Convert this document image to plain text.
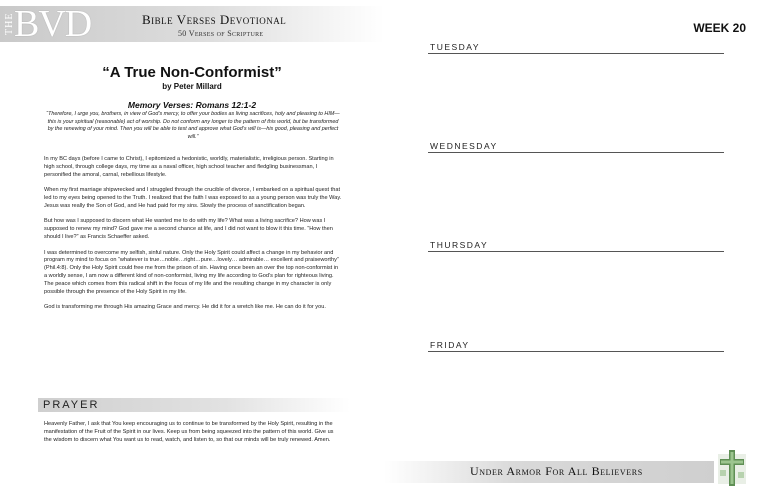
THE BVD	Bible Verses Devotional
50 Verses of Scripture
“A True Non-Conformist”
by Peter Millard
Memory Verses: Romans 12:1-2
“Therefore, I urge you, brothers, in view of God’s mercy, to offer your bodies as living sacrifices, holy and pleasing to HIM—this is your spiritual (reasonable) act of worship. Do not conform any longer to the pattern of this world, but be transformed by the renewing of your mind. Then you will be able to test and approve what God’s will is—his good, pleasing and perfect will.”

In my BC days (before I came to Christ), I epitomized a hedonistic, worldly, materialistic, irreligious person. Starting in high school, through college days, my time as a naval officer, high school teacher and fledgling businessman, I personified the amoral, carnal, rebellious lifestyle.

When my first marriage shipwrecked and I struggled through the crucible of divorce, I embarked on a spiritual quest that led to my eyes being opened to the Truth. I realized that the faith I was exposed to as a young person was truly the Way. Jesus was really the Son of God, and He had paid for my sins. Slowly the process of sanctification began.

But how was I supposed to discern what He wanted me to do with my life? What was a living sacrifice? How was I supposed to renew my mind? God gave me a second chance at life, and I did not want to blow it this time. “How then should I live?” as Francis Schaeffer asked.

I was determined to overcome my selfish, sinful nature. Only the Holy Spirit could affect a change in my behavior and program my mind to focus on “whatever is true…noble…right…pure…lovely… admirable… excellent and praiseworthy” (Phil.4:8). Only the Holy Spirit could free me from the prison of sin. Having once been an over the top non-conformist in a worldly sense, I am now a different kind of non-conformist, living my life according to God’s plan for righteous living. The peace which comes from this radical shift in the focus of my life and the resulting change in my character is only possible through the presence of the Holy Spirit in my life.

God is transforming me through His amazing Grace and mercy. He did it for a wretch like me. He can do it for you.

PRAYER
Heavenly Father, I ask that You keep encouraging us to continue to be transformed by the Holy Spirit, resulting in the manifestation of the Fruit of the Spirit in our lives. Keep us from being squeezed into the pattern of this world. Give us the wisdom to discern what You want us to read, watch, and listen to, so that our minds will be truly renewed. Amen.
WEEK 20
TUESDAY
WEDNESDAY
THURSDAY
FRIDAY
Under Armor For All Believers
